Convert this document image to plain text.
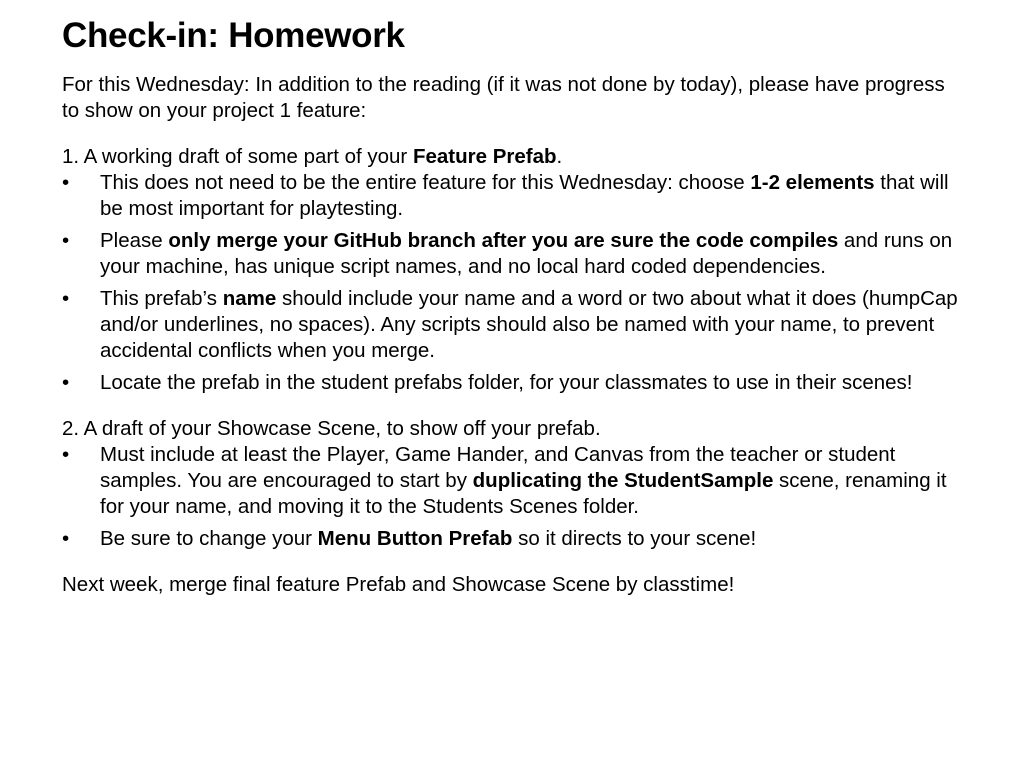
Check-in: Homework

For this Wednesday: In addition to the reading (if it was not done by today), please have progress to show on your project 1 feature:

1. A working draft of some part of your Feature Prefab.

•	This does not need to be the entire feature for this Wednesday: choose 1-2 elements that will be most important for playtesting.
•	Please only merge your GitHub branch after you are sure the code compiles and runs on your machine, has unique script names, and no local hard coded dependencies.
•	This prefab’s name should include your name and a word or two about what it does (humpCap and/or underlines, no spaces). Any scripts should also be named with your name, to prevent accidental conflicts when you merge.
•	Locate the prefab in the student prefabs folder, for your classmates to use in their scenes!

2. A draft of your Showcase Scene, to show off your prefab.

•	Must include at least the Player, Game Hander, and Canvas from the teacher or student samples. You are encouraged to start by duplicating the StudentSample scene, renaming it for your name, and moving it to the Students Scenes folder.
•	Be sure to change your Menu Button Prefab so it directs to your scene!

Next week, merge final feature Prefab and Showcase Scene by classtime!
